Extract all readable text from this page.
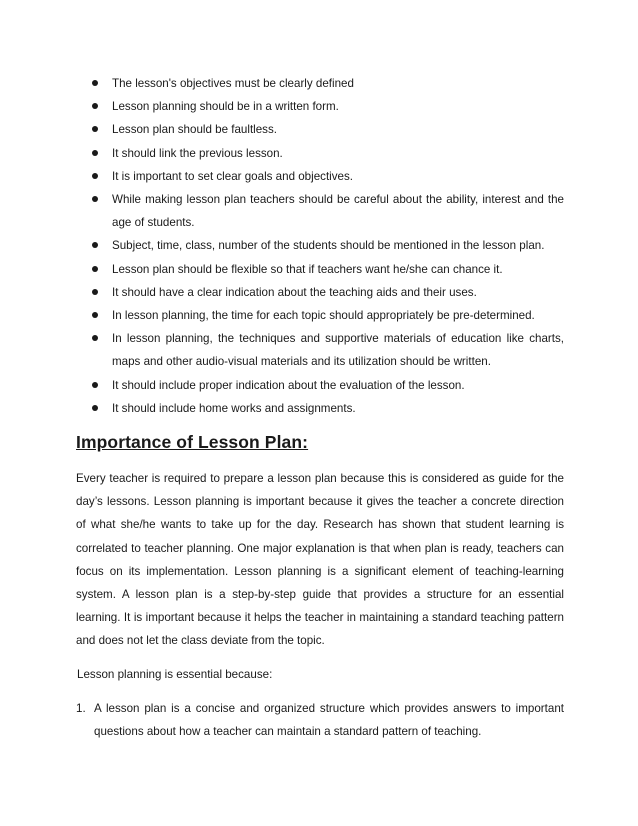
The lesson's objectives must be clearly defined
Lesson planning should be in a written form.
Lesson plan should be faultless.
It should link the previous lesson.
It is important to set clear goals and objectives.
While making lesson plan teachers should be careful about the ability, interest and the age of students.
Subject, time, class, number of the students should be mentioned in the lesson plan.
Lesson plan should be flexible so that if teachers want he/she can chance it.
It should have a clear indication about the teaching aids and their uses.
In lesson planning, the time for each topic should appropriately be pre-determined.
In lesson planning, the techniques and supportive materials of education like charts, maps and other audio-visual materials and its utilization should be written.
It should include proper indication about the evaluation of the lesson.
It should include home works and assignments.
Importance of Lesson Plan:

Every teacher is required to prepare a lesson plan because this is considered as guide for the day’s lessons. Lesson planning is important because it gives the teacher a concrete direction of what she/he wants to take up for the day. Research has shown that student learning is correlated to teacher planning. One major explanation is that when plan is ready, teachers can focus on its implementation. Lesson planning is a significant element of teaching-learning system. A lesson plan is a step-by-step guide that provides a structure for an essential learning. It is important because it helps the teacher in maintaining a standard teaching pattern and does not let the class deviate from the topic.

Lesson planning is essential because:

1. A lesson plan is a concise and organized structure which provides answers to important questions about how a teacher can maintain a standard pattern of teaching.
